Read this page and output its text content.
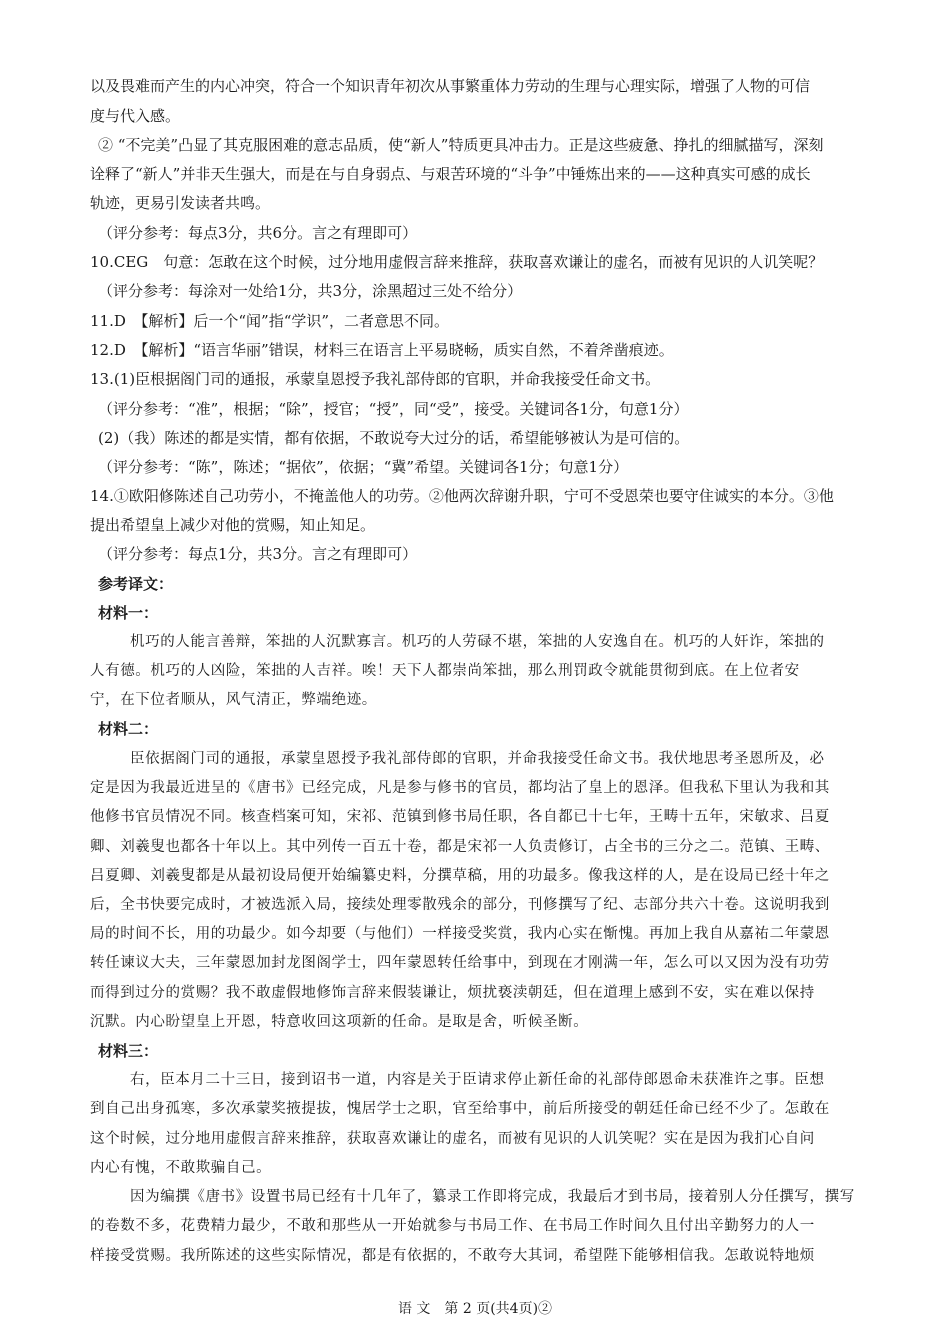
以及畏难而产生的内心冲突，符合一个知识青年初次从事繁重体力劳动的生理与心理实际，增强了人物的可信
度与代入感。
② “不完美”凸显了其克服困难的意志品质，使“新人”特质更具冲击力。正是这些疲惫、挣扎的细腻描写，深刻
诠释了“新人”并非天生强大，而是在与自身弱点、与艰苦环境的“斗争”中锤炼出来的——这种真实可感的成长
轨迹，更易引发读者共鸣。
（评分参考：每点3分，共6分。言之有理即可）
10.CEG　句意：怎敢在这个时候，过分地用虚假言辞来推辞，获取喜欢谦让的虚名，而被有见识的人讥笑呢？
（评分参考：每涂对一处给1分，共3分，涂黑超过三处不给分）
11.D　【解析】后一个“闻”指“学识”，二者意思不同。
12.D　【解析】“语言华丽”错误，材料三在语言上平易晓畅，质实自然，不着斧凿痕迹。
13.(1)臣根据阁门司的通报，承蒙皇恩授予我礼部侍郎的官职，并命我接受任命文书。
（评分参考：“准”，根据；“除”，授官；“授”，同“受”，接受。关键词各1分，句意1分）
(2)（我）陈述的都是实情，都有依据，不敢说夸大过分的话，希望能够被认为是可信的。
（评分参考：“陈”，陈述；“据依”，依据；“冀”希望。关键词各1分；句意1分）
14.①欧阳修陈述自己功劳小，不掩盖他人的功劳。②他两次辞谢升职，宁可不受恩荣也要守住诚实的本分。③他
提出希望皇上减少对他的赏赐，知止知足。
（评分参考：每点1分，共3分。言之有理即可）
参考译文：
材料一：
机巧的人能言善辩，笨拙的人沉默寡言。机巧的人劳碌不堪，笨拙的人安逸自在。机巧的人奸诈，笨拙的
人有德。机巧的人凶险，笨拙的人吉祥。唉！天下人都崇尚笨拙，那么刑罚政令就能贯彻到底。在上位者安
宁，在下位者顺从，风气清正，弊端绝迹。
材料二：
臣依据阁门司的通报，承蒙皇恩授予我礼部侍郎的官职，并命我接受任命文书。我伏地思考圣恩所及，必
定是因为我最近进呈的《唐书》已经完成，凡是参与修书的官员，都均沾了皇上的恩泽。但我私下里认为我和其
他修书官员情况不同。核查档案可知，宋祁、范镇到修书局任职，各自都已十七年，王畴十五年，宋敏求、吕夏
卿、刘羲叟也都各十年以上。其中列传一百五十卷，都是宋祁一人负责修订，占全书的三分之二。范镇、王畴、
吕夏卿、刘羲叟都是从最初设局便开始编纂史料，分撰草稿，用的功最多。像我这样的人，是在设局已经十年之
后，全书快要完成时，才被选派入局，接续处理零散残余的部分，刊修撰写了纪、志部分共六十卷。这说明我到
局的时间不长，用的功最少。如今却要（与他们）一样接受奖赏，我内心实在惭愧。再加上我自从嘉祐二年蒙恩
转任谏议大夫，三年蒙恩加封龙图阁学士，四年蒙恩转任给事中，到现在才刚满一年，怎么可以又因为没有功劳
而得到过分的赏赐？我不敢虚假地修饰言辞来假装谦让，烦扰亵渎朝廷，但在道理上感到不安，实在难以保持
沉默。内心盼望皇上开恩，特意收回这项新的任命。是取是舍，听候圣断。
材料三：
右，臣本月二十三日，接到诏书一道，内容是关于臣请求停止新任命的礼部侍郎恩命未获准许之事。臣想
到自己出身孤寒，多次承蒙奖掖提拔，愧居学士之职，官至给事中，前后所接受的朝廷任命已经不少了。怎敢在
这个时候，过分地用虚假言辞来推辞，获取喜欢谦让的虚名，而被有见识的人讥笑呢？实在是因为我扪心自问
内心有愧，不敢欺骗自己。
因为编撰《唐书》设置书局已经有十几年了，纂录工作即将完成，我最后才到书局，接着别人分任撰写，撰写
的卷数不多，花费精力最少，不敢和那些从一开始就参与书局工作、在书局工作时间久且付出辛勤努力的人一
样接受赏赐。我所陈述的这些实际情况，都是有依据的，不敢夸大其词，希望陛下能够相信我。怎敢说特地烦
语 文　第 2 页(共4页)②
